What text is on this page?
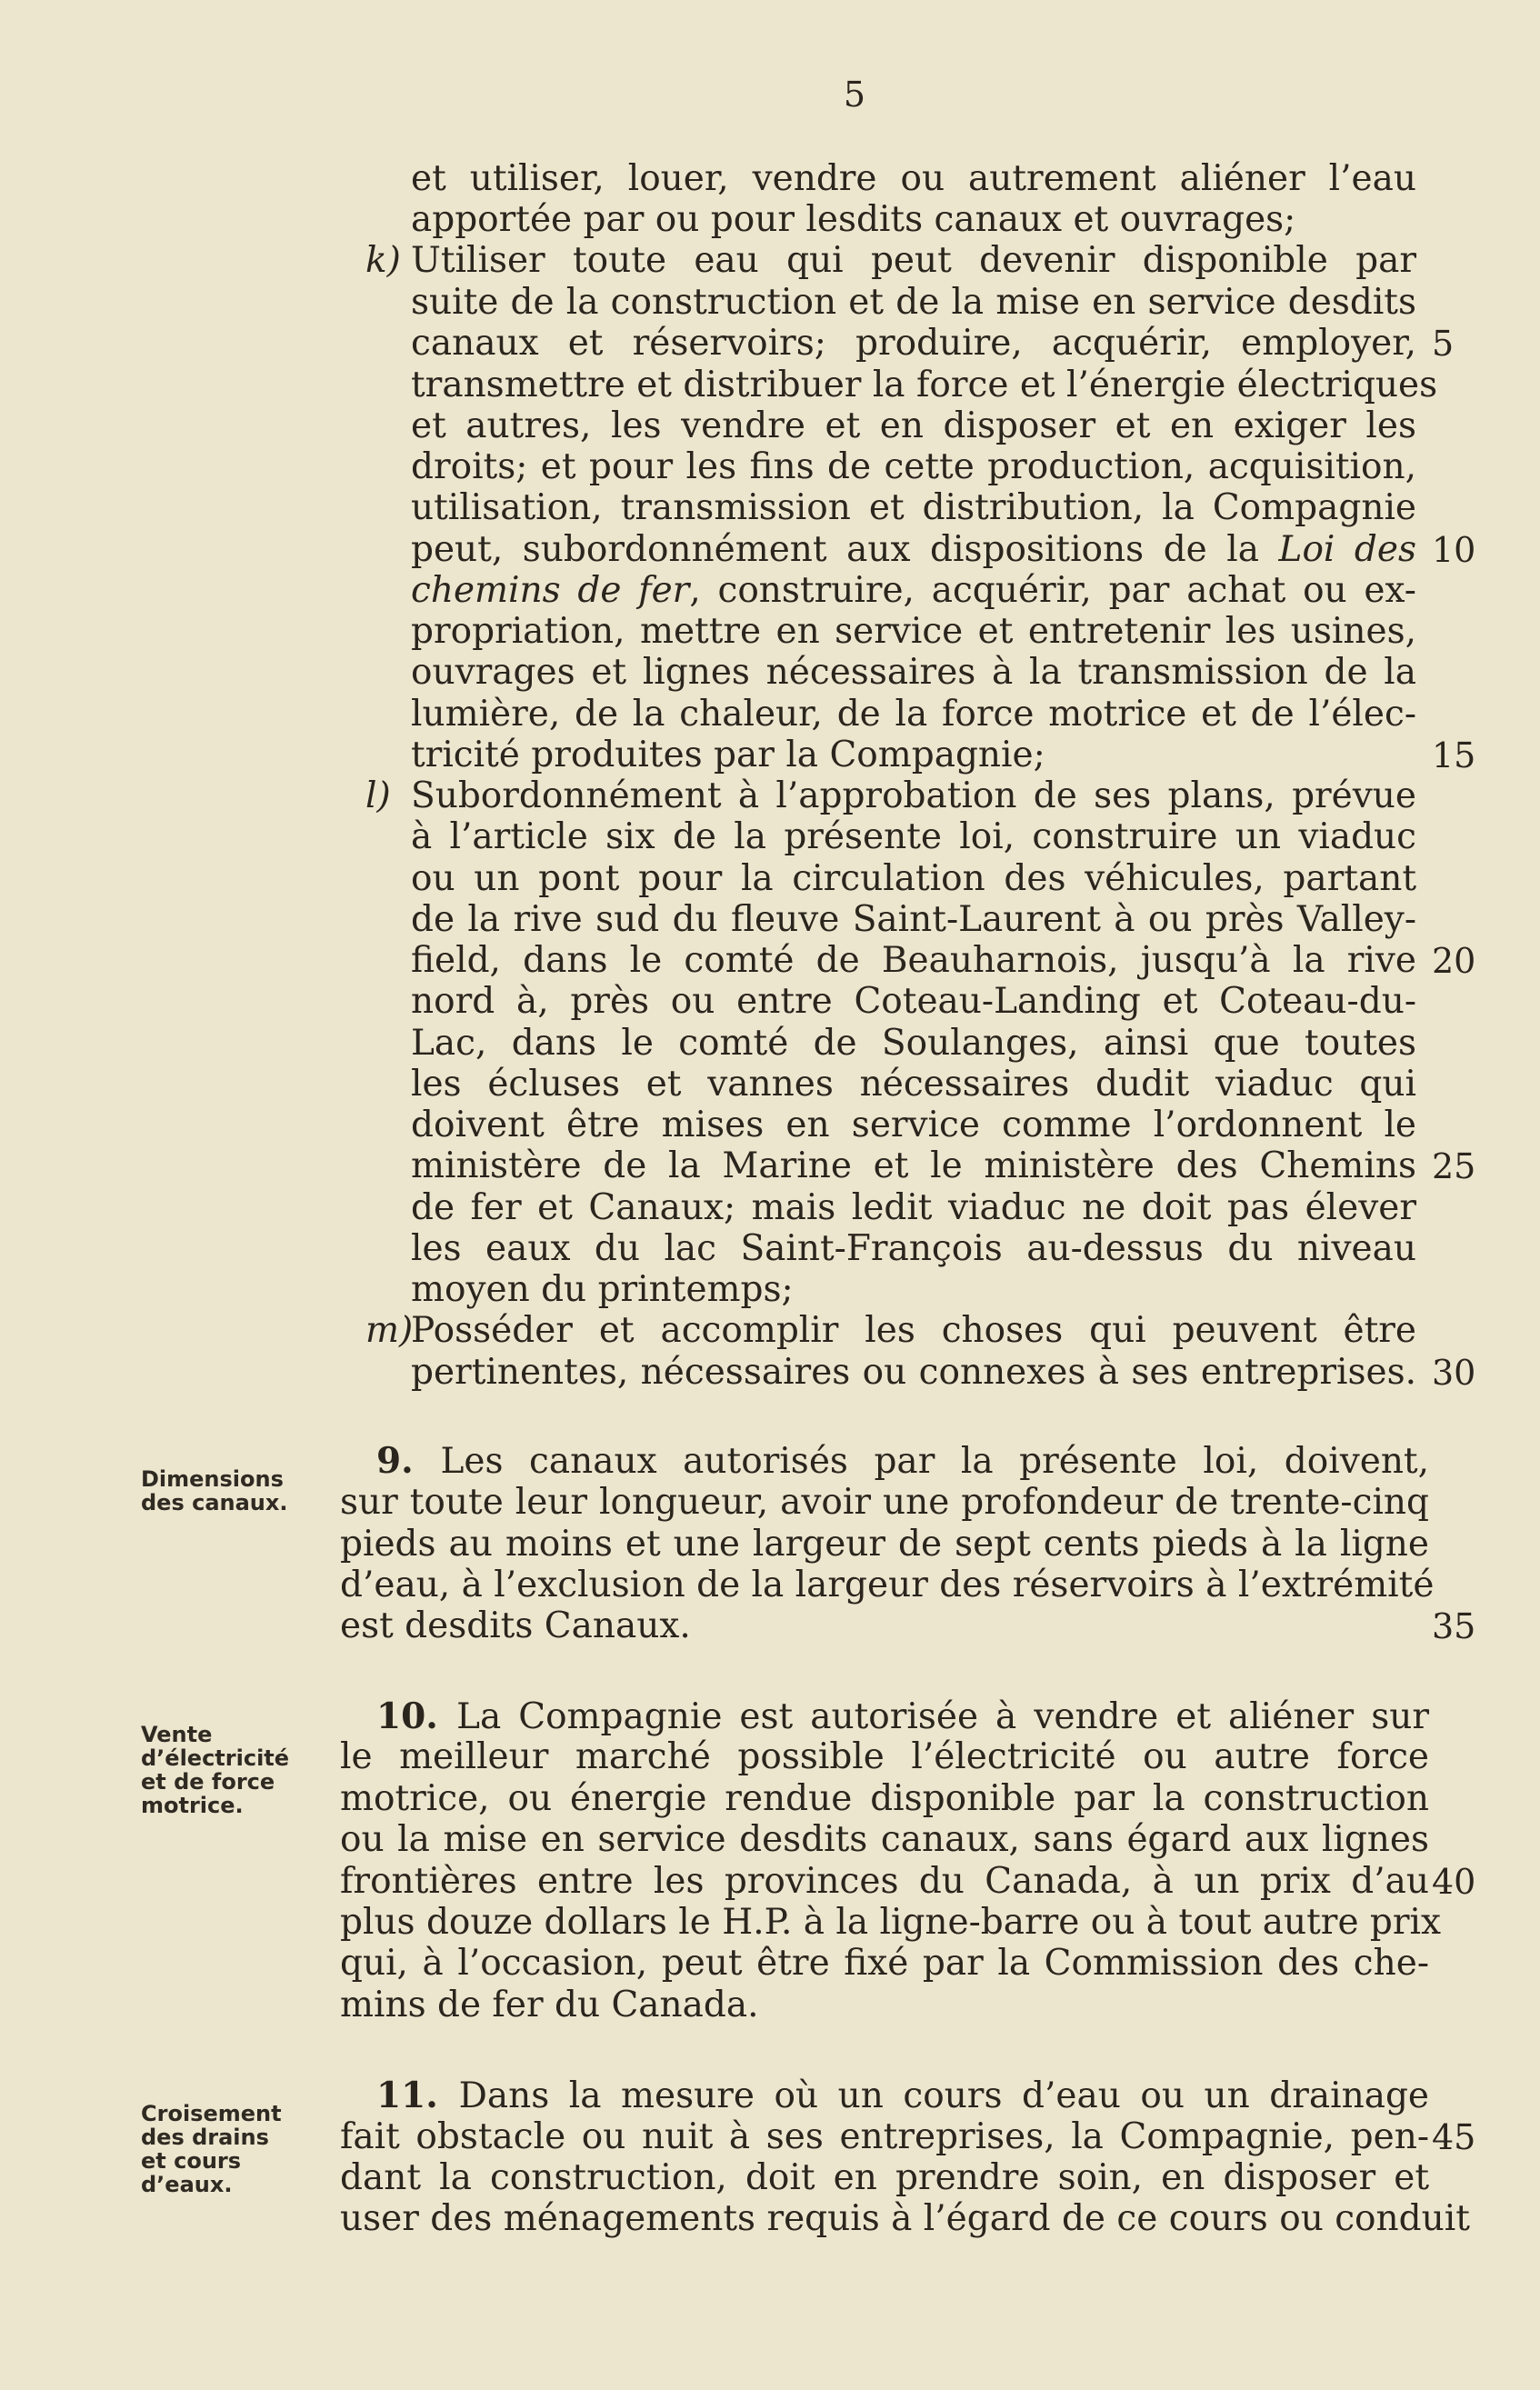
5
et utiliser, louer, vendre ou autrement aliéner l’eau
apportée par ou pour lesdits canaux et ouvrages;
k) Utiliser toute eau qui peut devenir disponible par
suite de la construction et de la mise en service desdits
canaux et réservoirs; produire, acquérir, employer,
transmettre et distribuer la force et l’énergie électriques
et autres, les vendre et en disposer et en exiger les
droits; et pour les fins de cette production, acquisition,
utilisation, transmission et distribution, la Compagnie
peut, subordonnément aux dispositions de la Loi des
chemins de fer, construire, acquérir, par achat ou ex-
propriation, mettre en service et entretenir les usines,
ouvrages et lignes nécessaires à la transmission de la
lumière, de la chaleur, de la force motrice et de l’élec-
tricité produites par la Compagnie;
l) Subordonnément à l’approbation de ses plans, prévue
à l’article six de la présente loi, construire un viaduc
ou un pont pour la circulation des véhicules, partant
de la rive sud du fleuve Saint-Laurent à ou près Valley-
field, dans le comté de Beauharnois, jusqu’à la rive
nord à, près ou entre Coteau-Landing et Coteau-du-
Lac, dans le comté de Soulanges, ainsi que toutes
les écluses et vannes nécessaires dudit viaduc qui
doivent être mises en service comme l’ordonnent le
ministère de la Marine et le ministère des Chemins
de fer et Canaux; mais ledit viaduc ne doit pas élever
les eaux du lac Saint-François au-dessus du niveau
moyen du printemps;
m)
Posséder et accomplir les choses qui peuvent être
pertinentes, nécessaires ou connexes à ses entreprises.
9. Les canaux autorisés par la présente loi, doivent,
sur toute leur longueur, avoir une profondeur de trente-cinq
pieds au moins et une largeur de sept cents pieds à la ligne
d’eau, à l’exclusion de la largeur des réservoirs à l’extrémité
est desdits Canaux.
10. La Compagnie est autorisée à vendre et aliéner sur
le meilleur marché possible l’électricité ou autre force
motrice, ou énergie rendue disponible par la construction
ou la mise en service desdits canaux, sans égard aux lignes
frontières entre les provinces du Canada, à un prix d’au
plus douze dollars le H.P. à la ligne-barre ou à tout autre prix
qui, à l’occasion, peut être fixé par la Commission des che-
mins de fer du Canada.
11. Dans la mesure où un cours d’eau ou un drainage
fait obstacle ou nuit à ses entreprises, la Compagnie, pen-
dant la construction, doit en prendre soin, en disposer et
user des ménagements requis à l’égard de ce cours ou conduit
5
10
15
20
25
30
35
40
45
Dimensions
des canaux.
Vente
d’électricité
et de force
motrice.
Croisement
des drains
et cours
d’eaux.
